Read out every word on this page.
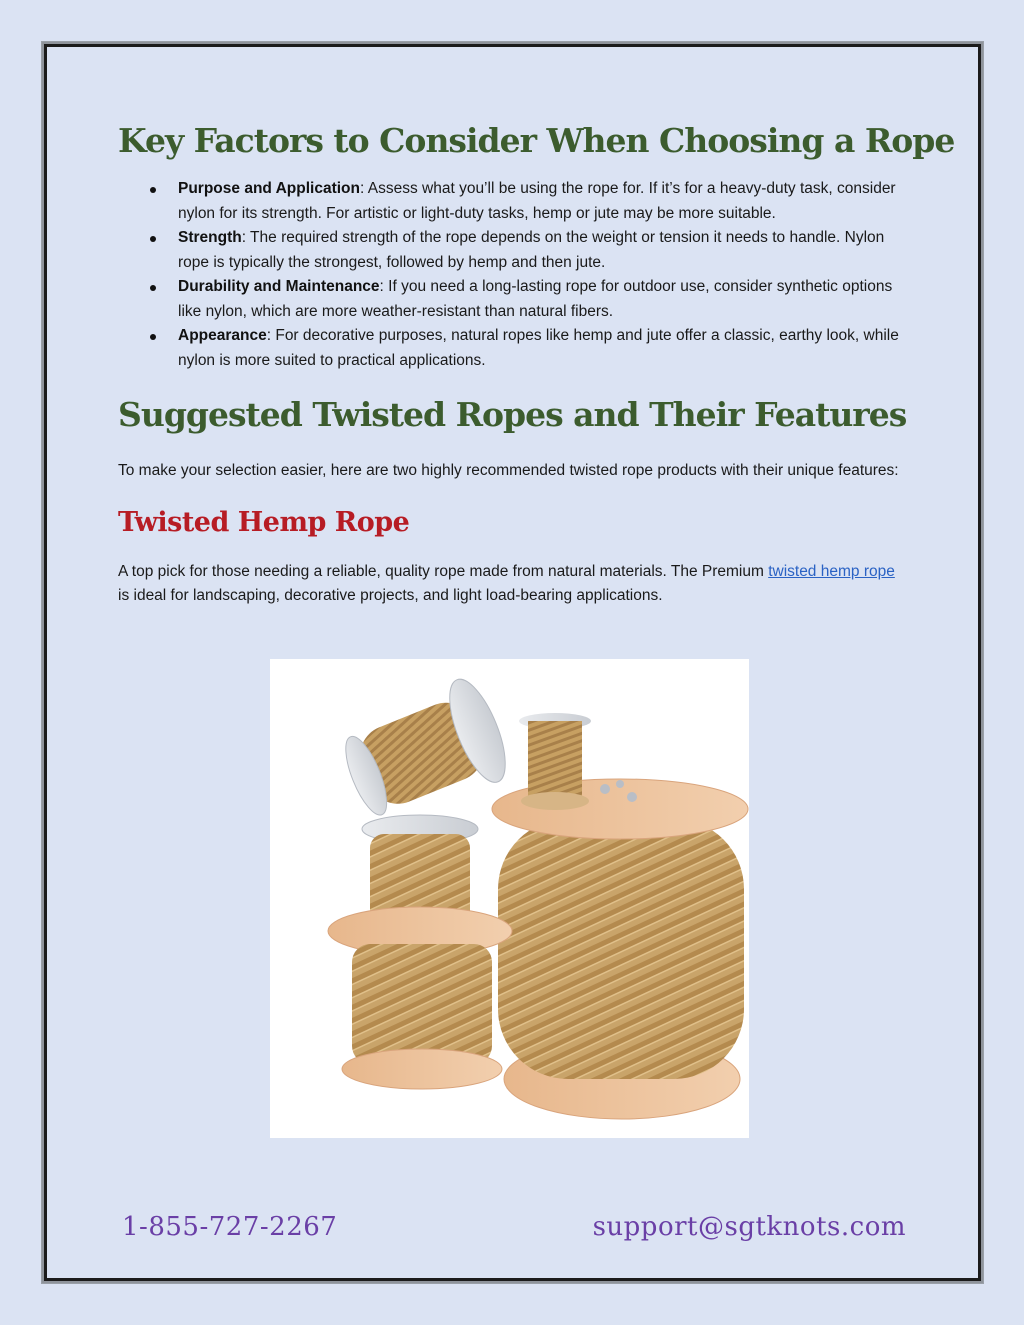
Key Factors to Consider When Choosing a Rope
Purpose and Application: Assess what you’ll be using the rope for. If it’s for a heavy-duty task, consider nylon for its strength. For artistic or light-duty tasks, hemp or jute may be more suitable.
Strength: The required strength of the rope depends on the weight or tension it needs to handle. Nylon rope is typically the strongest, followed by hemp and then jute.
Durability and Maintenance: If you need a long-lasting rope for outdoor use, consider synthetic options like nylon, which are more weather-resistant than natural fibers.
Appearance: For decorative purposes, natural ropes like hemp and jute offer a classic, earthy look, while nylon is more suited to practical applications.
Suggested Twisted Ropes and Their Features

To make your selection easier, here are two highly recommended twisted rope products with their unique features:

Twisted Hemp Rope

A top pick for those needing a reliable, quality rope made from natural materials. The Premium twisted hemp rope is ideal for landscaping, decorative projects, and light load-bearing applications.

1-855-727-2267	support@sgtknots.com
